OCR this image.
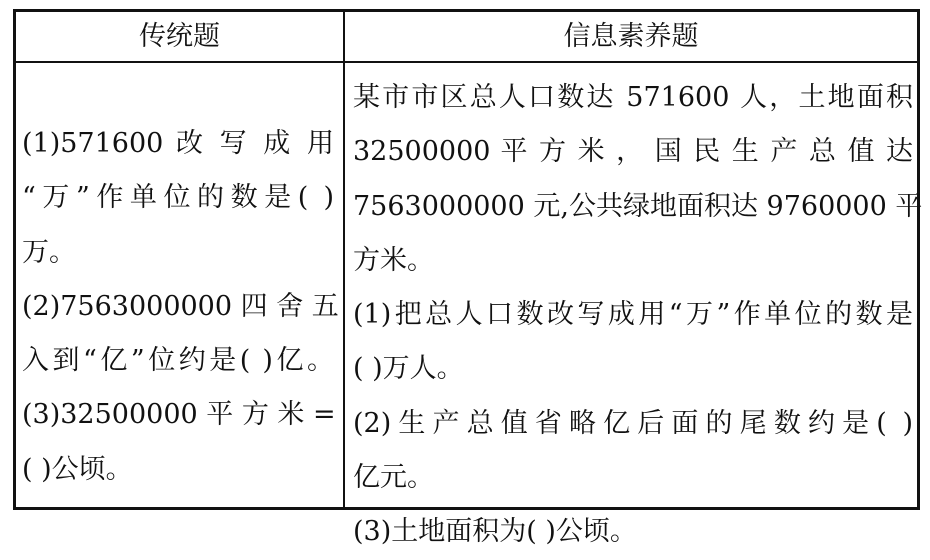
传统题	信息素养题
(1)571600 改 写 成 用
“万”作单位的数是( )
万。
(2)7563000000 四 舍 五
入到“亿”位约是( )亿。
(3)32500000 平 方 米 =
( )公顷。
某市市区总人口数达 571600 人，土地面积
32500000 平 方 米 ， 国 民 生 产 总 值 达
7563000000 元,公共绿地面积达 9760000 平
方米。
(1)把总人口数改写成用“万”作单位的数是
( )万人。
(2)生产总值省略亿后面的尾数约是( )
亿元。
(3)土地面积为( )公顷。
